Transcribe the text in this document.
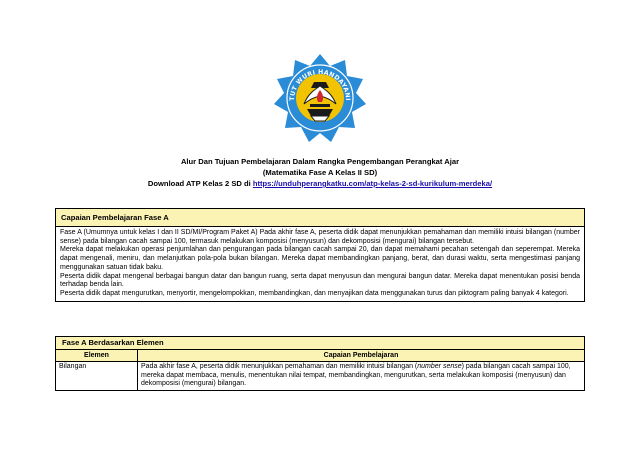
TUT WURI HANDAYANI
Alur Dan Tujuan Pembelajaran Dalam Rangka Pengembangan Perangkat Ajar
(Matematika Fase A Kelas II SD)
Download ATP Kelas 2 SD di https://unduhperangkatku.com/atp-kelas-2-sd-kurikulum-merdeka/
Capaian Pembelajaran Fase A

Fase A (Umumnya untuk kelas I dan II SD/MI/Program Paket A) Pada akhir fase A, peserta didik dapat menunjukkan pemahaman dan memiliki intuisi bilangan (number sense) pada bilangan cacah sampai 100, termasuk melakukan komposisi (menyusun) dan dekomposisi (mengurai) bilangan tersebut.

Mereka dapat melakukan operasi penjumlahan dan pengurangan pada bilangan cacah sampai 20, dan dapat memahami pecahan setengah dan seperempat. Mereka dapat mengenali, meniru, dan melanjutkan pola-pola bukan bilangan. Mereka dapat membandingkan panjang, berat, dan durasi waktu, serta mengestimasi panjang menggunakan satuan tidak baku.

Peserta didik dapat mengenal berbagai bangun datar dan bangun ruang, serta dapat menyusun dan mengurai bangun datar. Mereka dapat menentukan posisi benda terhadap benda lain.

Peserta didik dapat mengurutkan, menyortir, mengelompokkan, membandingkan, dan menyajikan data menggunakan turus dan piktogram paling banyak 4 kategori.

Fase A Berdasarkan Elemen
Elemen	Capaian Pembelajaran
Bilangan	Pada akhir fase A, peserta didik menunjukkan pemahaman dan memiliki intuisi bilangan (number sense) pada bilangan cacah sampai 100, mereka dapat membaca, menulis, menentukan nilai tempat, membandingkan, mengurutkan, serta melakukan komposisi (menyusun) dan dekomposisi (mengurai) bilangan.
